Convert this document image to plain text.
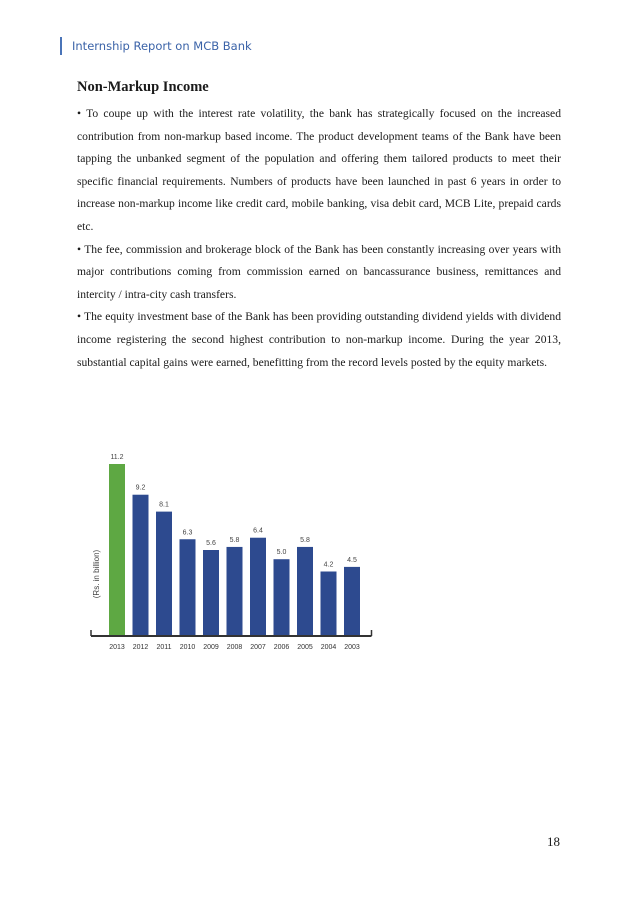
Internship Report on MCB Bank
Non-Markup Income

• To coupe up with the interest rate volatility, the bank has strategically focused on the increased contribution from non-markup based income. The product development teams of the Bank have been tapping the unbanked segment of the population and offering them tailored products to meet their specific financial requirements. Numbers of products have been launched in past 6 years in order to increase non-markup income like credit card, mobile banking, visa debit card, MCB Lite, prepaid cards etc.

• The fee, commission and brokerage block of the Bank has been constantly increasing over years with major contributions coming from commission earned on bancassurance business, remittances and intercity / intra-city cash transfers.

• The equity investment base of the Bank has been providing outstanding dividend yields with dividend income registering the second highest contribution to non-markup income. During the year 2013, substantial capital gains were earned, benefitting from the record levels posted by the equity markets.

11.2
2013
9.2
2012
8.1
2011
6.3
2010
5.6
2009
5.8
2008
6.4
2007
5.0
2006
5.8
2005
4.2
2004
4.5
2003
(Rs. in billion)
18
